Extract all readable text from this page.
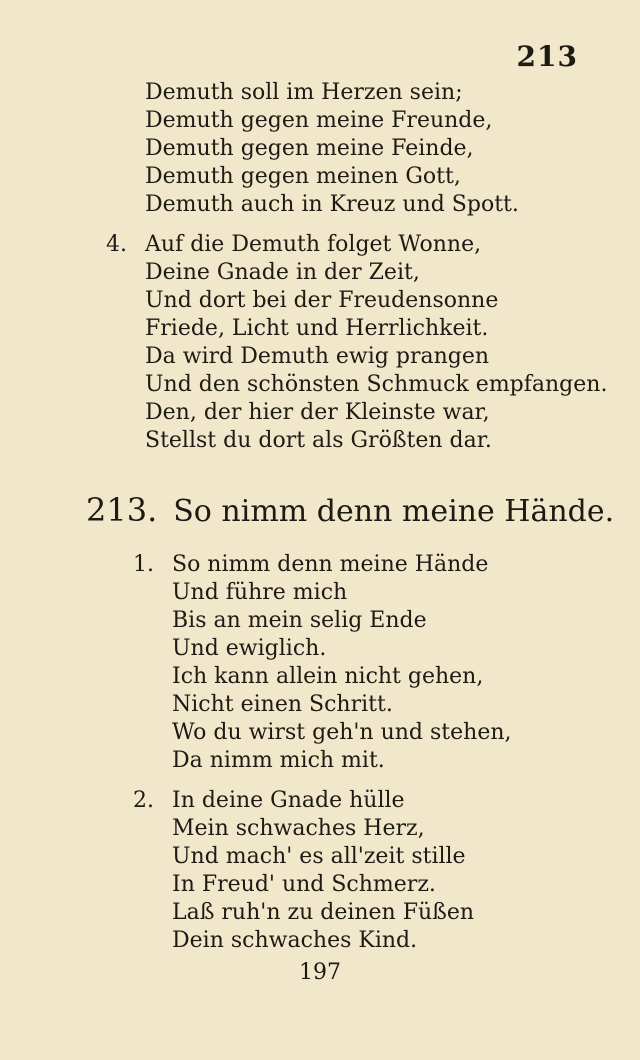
213
Demuth soll im Herzen sein;
Demuth gegen meine Freunde,
Demuth gegen meine Feinde,
Demuth gegen meinen Gott,
Demuth auch in Kreuz und Spott.
4. Auf die Demuth folget Wonne,
Deine Gnade in der Zeit,
Und dort bei der Freudensonne
Friede, Licht und Herrlichkeit.
Da wird Demuth ewig prangen
Und den schönsten Schmuck empfangen.
Den, der hier der Kleinste war,
Stellst du dort als Größten dar.
213. So nimm denn meine Hände.
1. So nimm denn meine Hände
Und führe mich
Bis an mein selig Ende
Und ewiglich.
Ich kann allein nicht gehen,
Nicht einen Schritt.
Wo du wirst geh'n und stehen,
Da nimm mich mit.
2. In deine Gnade hülle
Mein schwaches Herz,
Und mach' es all'zeit stille
In Freud' und Schmerz.
Laß ruh'n zu deinen Füßen
Dein schwaches Kind.
197
